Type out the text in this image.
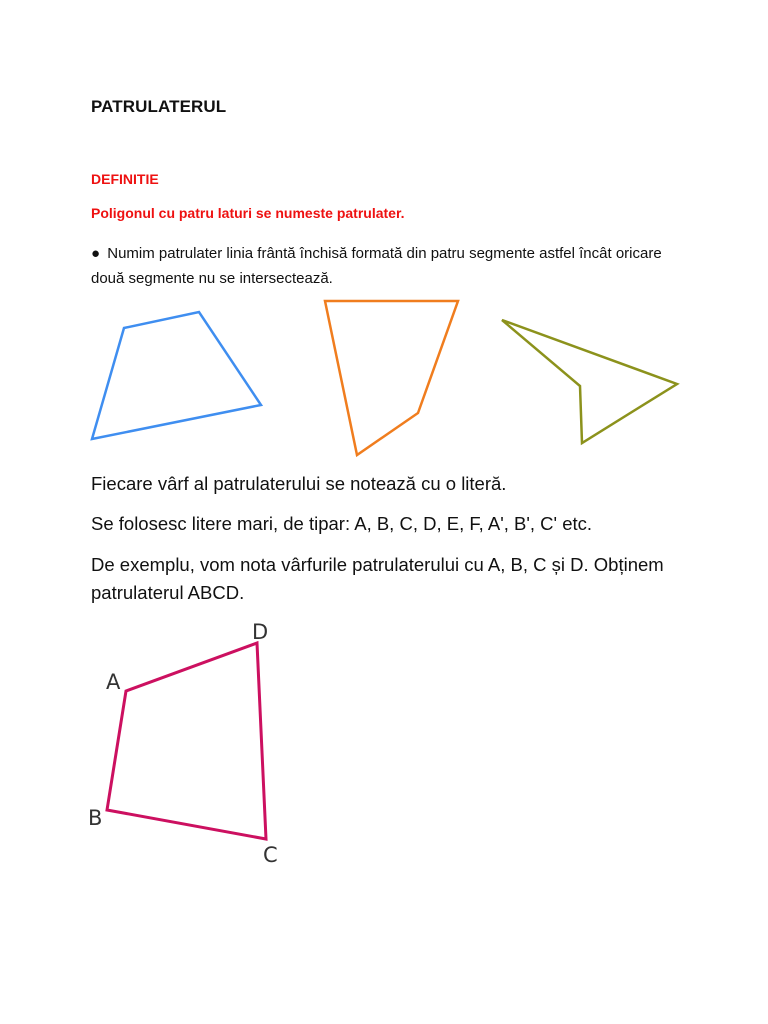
PATRULATERUL

DEFINITIE

Poligonul cu patru laturi se numeste patrulater.

● Numim patrulater linia frântă închisă formată din patru segmente astfel încât oricare două segmente nu se intersectează.

A
B
C
D

Fiecare vârf al patrulaterului se notează cu o literă.

Se folosesc litere mari, de tipar: A, B, C, D, E, F, A', B', C' etc.

De exemplu, vom nota vârfurile patrulaterului cu A, B, C și D. Obținem patrulaterul ABCD.
